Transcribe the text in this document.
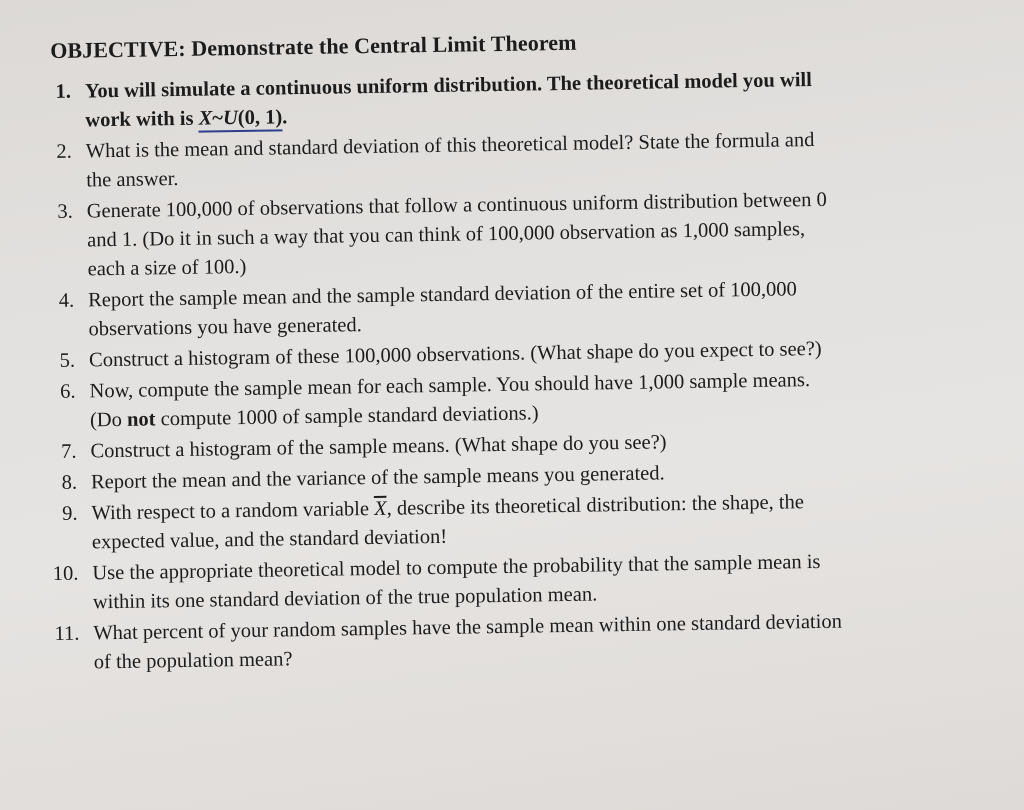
OBJECTIVE: Demonstrate the Central Limit Theorem
1. You will simulate a continuous uniform distribution. The theoretical model you will
work with is X~U(0, 1).
2. What is the mean and standard deviation of this theoretical model? State the formula and
the answer.
3. Generate 100,000 of observations that follow a continuous uniform distribution between 0
and 1. (Do it in such a way that you can think of 100,000 observation as 1,000 samples,
each a size of 100.)
4. Report the sample mean and the sample standard deviation of the entire set of 100,000
observations you have generated.
5. Construct a histogram of these 100,000 observations. (What shape do you expect to see?)
6. Now, compute the sample mean for each sample. You should have 1,000 sample means.
(Do not compute 1000 of sample standard deviations.)
7. Construct a histogram of the sample means. (What shape do you see?)
8. Report the mean and the variance of the sample means you generated.
9. With respect to a random variable $\overline{X}$, describe its theoretical distribution: the shape, the
expected value, and the standard deviation!
10. Use the appropriate theoretical model to compute the probability that the sample mean is
within its one standard deviation of the true population mean.
11. What percent of your random samples have the sample mean within one standard deviation
of the population mean?
